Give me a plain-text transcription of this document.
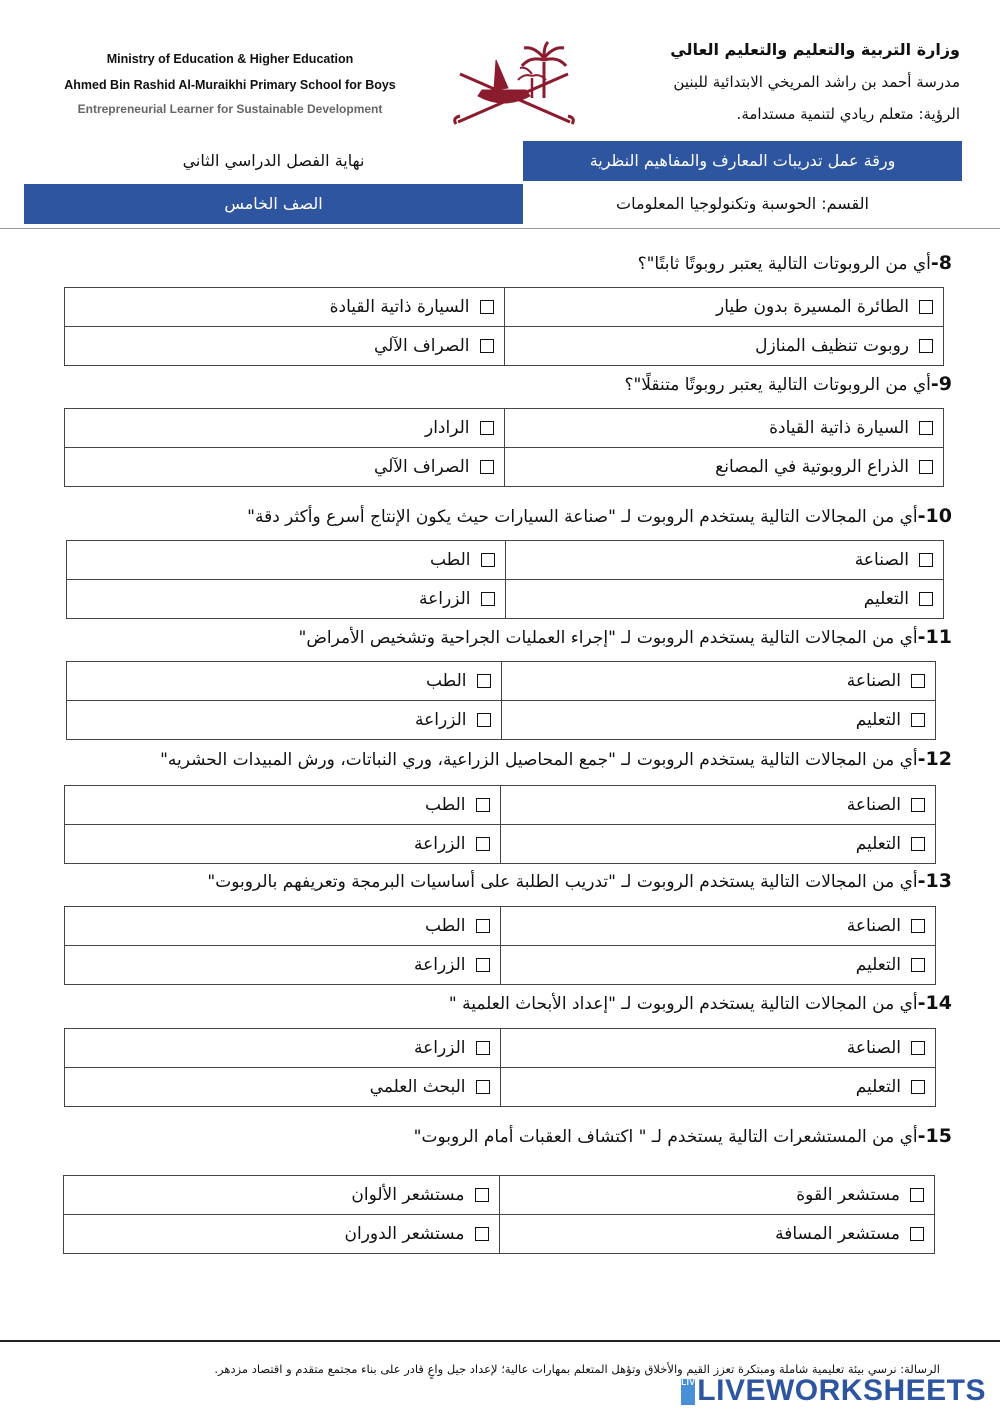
Ministry of Education & Higher Education
Ahmed Bin Rashid Al-Muraikhi Primary School for Boys
Entrepreneurial Learner for Sustainable Development
وزارة التربية والتعليم والتعليم العالي
مدرسة أحمد بن راشد المريخي الابتدائية للبنين
الرؤية: متعلم ريادي لتنمية مستدامة.
ورقة عمل تدريبات المعارف والمفاهيم النظرية
نهاية الفصل الدراسي الثاني
القسم: الحوسبة وتكنولوجيا المعلومات
الصف الخامس
8-أي من الروبوتات التالية يعتبر روبوتًا ثابتًا"؟
الطائرة المسيرة بدون طيار	السيارة ذاتية القيادة
روبوت تنظيف المنازل	الصراف الآلي
9-أي من الروبوتات التالية يعتبر روبوتًا متنقلًا"؟
السيارة ذاتية القيادة	الرادار
الذراع الروبوتية في المصانع	الصراف الآلي
10-أي من المجالات التالية يستخدم الروبوت لـ "صناعة السيارات حيث يكون الإنتاج أسرع وأكثر دقة"
الصناعة	الطب
التعليم	الزراعة
11-أي من المجالات التالية يستخدم الروبوت لـ "إجراء العمليات الجراحية وتشخيص الأمراض"
الصناعة	الطب
التعليم	الزراعة
12-أي من المجالات التالية يستخدم الروبوت لـ "جمع المحاصيل الزراعية، وري النباتات، ورش المبيدات الحشريه"
الصناعة	الطب
التعليم	الزراعة
13-أي من المجالات التالية يستخدم الروبوت لـ "تدريب الطلبة على أساسيات البرمجة وتعريفهم بالروبوت"
الصناعة	الطب
التعليم	الزراعة
14-أي من المجالات التالية يستخدم الروبوت لـ "إعداد الأبحاث العلمية "
الصناعة	الزراعة
التعليم	البحث العلمي
15-أي من المستشعرات التالية يستخدم لـ " اكتشاف العقبات أمام الروبوت"
مستشعر القوة	مستشعر الألوان
مستشعر المسافة	مستشعر الدوران
الرسالة: نرسي بيئة تعليمية شاملة ومبتكرة تعزز القيم والأخلاق وتؤهل المتعلم بمهارات عالية؛ لإعداد جيل واعٍ قادر على بناء مجتمع متقدم و اقتصاد مزدهر.
LIVELIVEWORKSHEETS
